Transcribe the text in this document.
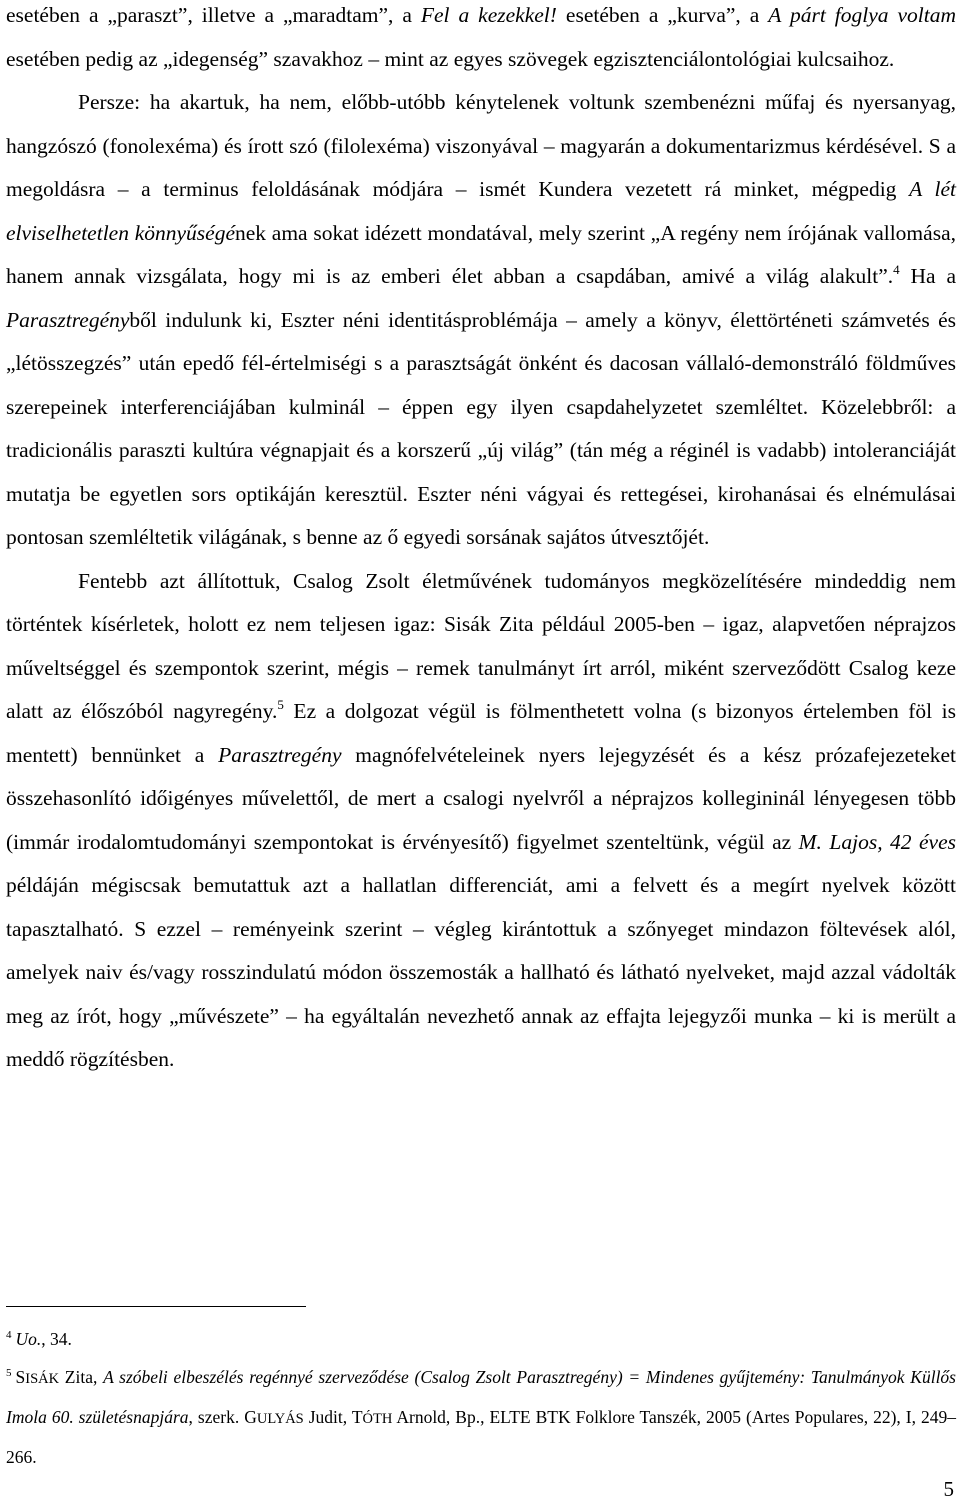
esetében a „paraszt”, illetve a „maradtam”, a Fel a kezekkel! esetében a „kurva”, a A párt foglya voltam esetében pedig az „idegenség” szavakhoz ‒ mint az egyes szövegek egzisztenciálontológiai kulcsaihoz.

Persze: ha akartuk, ha nem, előbb-utóbb kénytelenek voltunk szembenézni műfaj és nyersanyag, hangzószó (fonolexéma) és írott szó (filolexéma) viszonyával ‒ magyarán a dokumentarizmus kérdésével. S a megoldásra ‒ a terminus feloldásának módjára ‒ ismét Kundera vezetett rá minket, mégpedig A lét elviselhetetlen könnyűségének ama sokat idézett mondatával, mely szerint „A regény nem írójának vallomása, hanem annak vizsgálata, hogy mi is az emberi élet abban a csapdában, amivé a világ alakult”.$^4$ Ha a Parasztregényből indulunk ki, Eszter néni identitásproblémája ‒ amely a könyv, élettörténeti számvetés és „létösszegzés” után epedő fél-értelmiségi s a parasztságát önként és dacosan vállaló-demonstráló földműves szerepeinek interferenciájában kulminál ‒ éppen egy ilyen csapdahelyzetet szemléltet. Közelebbről: a tradicionális paraszti kultúra végnapjait és a korszerű „új világ” (tán még a réginél is vadabb) intoleranciáját mutatja be egyetlen sors optikáján keresztül. Eszter néni vágyai és rettegései, kirohanásai és elnémulásai pontosan szemléltetik világának, s benne az ő egyedi sorsának sajátos útvesztőjét.

Fentebb azt állítottuk, Csalog Zsolt életművének tudományos megközelítésére mindeddig nem történtek kísérletek, holott ez nem teljesen igaz: Sisák Zita például 2005-ben ‒ igaz, alapvetően néprajzos műveltséggel és szempontok szerint, mégis ‒ remek tanulmányt írt arról, miként szerveződött Csalog keze alatt az élőszóból nagyregény.$^5$ Ez a dolgozat végül is fölmenthetett volna (s bizonyos értelemben föl is mentett) bennünket a Parasztregény magnófelvételeinek nyers lejegyzését és a kész prózafejezeteket összehasonlító időigényes művelettől, de mert a csalogi nyelvről a néprajzos kollegininál lényegesen több (immár irodalomtudományi szempontokat is érvényesítő) figyelmet szenteltünk, végül az M. Lajos, 42 éves példáján mégiscsak bemutattuk azt a hallatlan differenciát, ami a felvett és a megírt nyelvek között tapasztalható. S ezzel ‒ reményeink szerint ‒ végleg kirántottuk a szőnyeget mindazon föltevések alól, amelyek naiv és/vagy rosszindulatú módon összemosták a hallható és látható nyelveket, majd azzal vádolták meg az írót, hogy „művészete” ‒ ha egyáltalán nevezhető annak az effajta lejegyzői munka ‒ ki is merült a meddő rögzítésben.

$^4$ Uo., 34.

$^5$ SISÁK Zita, A szóbeli elbeszélés regénnyé szerveződése (Csalog Zsolt Parasztregény) = Mindenes gyűjtemény: Tanulmányok Küllős Imola 60. születésnapjára, szerk. GULYÁS Judit, TÓTH Arnold, Bp., ELTE BTK Folklore Tanszék, 2005 (Artes Populares, 22), I, 249–266.

5
